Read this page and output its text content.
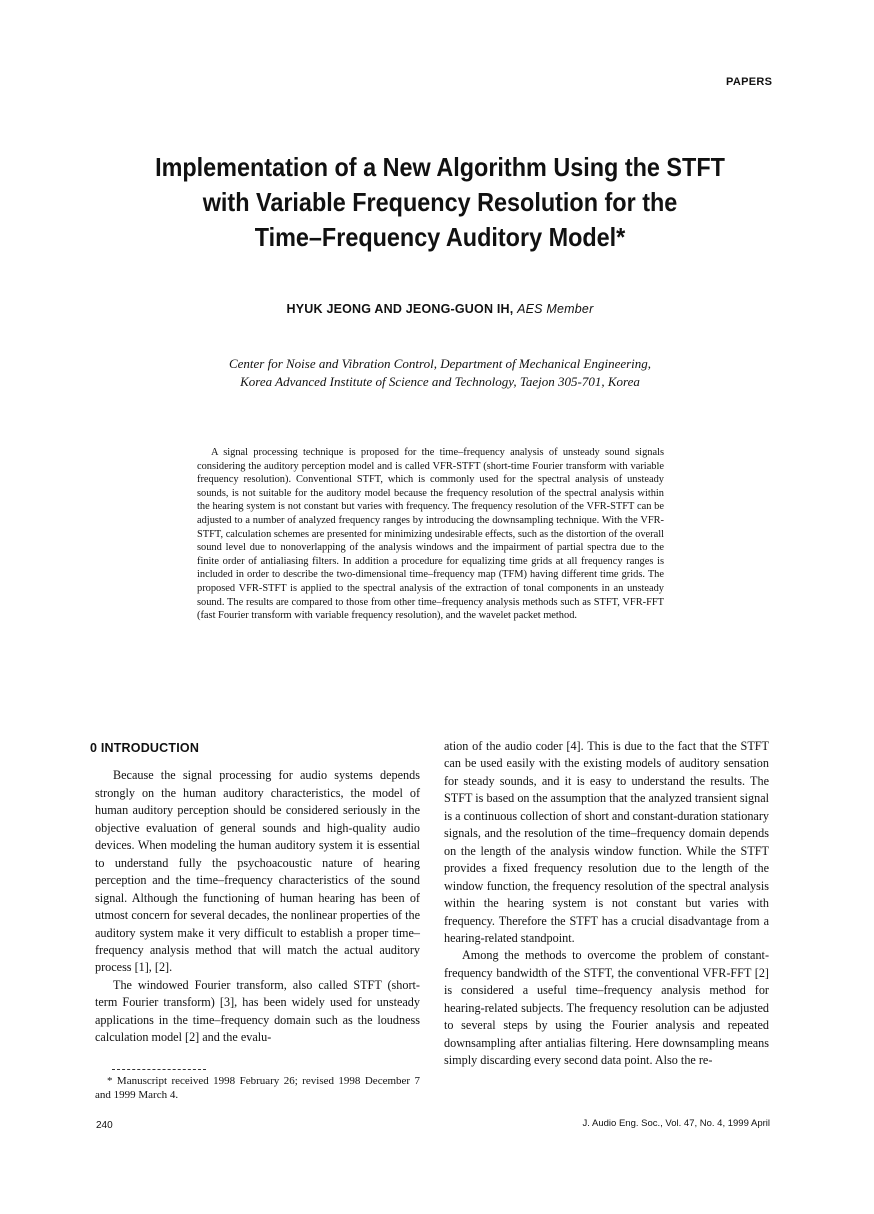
PAPERS
Implementation of a New Algorithm Using the STFT
with Variable Frequency Resolution for the
Time–Frequency Auditory Model*
HYUK JEONG AND JEONG-GUON IH, AES Member
Center for Noise and Vibration Control, Department of Mechanical Engineering,
Korea Advanced Institute of Science and Technology, Taejon 305-701, Korea
A signal processing technique is proposed for the time–frequency analysis of unsteady sound signals considering the auditory perception model and is called VFR-STFT (short-time Fourier transform with variable frequency resolution). Conventional STFT, which is commonly used for the spectral analysis of unsteady sounds, is not suitable for the auditory model because the frequency resolution of the spectral analysis within the hearing system is not constant but varies with frequency. The frequency resolution of the VFR-STFT can be adjusted to a number of analyzed frequency ranges by introducing the downsampling technique. With the VFR-STFT, calculation schemes are presented for minimizing undesirable effects, such as the distortion of the overall sound level due to nonoverlapping of the analysis windows and the impairment of partial spectra due to the finite order of antialiasing filters. In addition a procedure for equalizing time grids at all frequency ranges is included in order to describe the two-dimensional time–frequency map (TFM) having different time grids. The proposed VFR-STFT is applied to the spectral analysis of the extraction of tonal components in an unsteady sound. The results are compared to those from other time–frequency analysis methods such as STFT, VFR-FFT (fast Fourier transform with variable frequency resolution), and the wavelet packet method.
0 INTRODUCTION

Because the signal processing for audio systems depends strongly on the human auditory characteristics, the model of human auditory perception should be considered seriously in the objective evaluation of general sounds and high-quality audio devices. When modeling the human auditory system it is essential to understand fully the psychoacoustic nature of hearing perception and the time–frequency characteristics of the sound signal. Although the functioning of human hearing has been of utmost concern for several decades, the nonlinear properties of the auditory system make it very difficult to establish a proper time–frequency analysis method that will match the actual auditory process [1], [2].

The windowed Fourier transform, also called STFT (short-term Fourier transform) [3], has been widely used for unsteady applications in the time–frequency domain such as the loudness calculation model [2] and the evalu-

ation of the audio coder [4]. This is due to the fact that the STFT can be used easily with the existing models of auditory sensation for steady sounds, and it is easy to understand the results. The STFT is based on the assumption that the analyzed transient signal is a continuous collection of short and constant-duration stationary signals, and the resolution of the time–frequency domain depends on the length of the analysis window function. While the STFT provides a fixed frequency resolution due to the length of the window function, the frequency resolution of the spectral analysis within the hearing system is not constant but varies with frequency. Therefore the STFT has a crucial disadvantage from a hearing-related standpoint.

Among the methods to overcome the problem of constant-frequency bandwidth of the STFT, the conventional VFR-FFT [2] is considered a useful time–frequency analysis method for hearing-related subjects. The frequency resolution can be adjusted to several steps by using the Fourier analysis and repeated downsampling after antialias filtering. Here downsampling means simply discarding every second data point. Also the re-

* Manuscript received 1998 February 26; revised 1998 December 7 and 1999 March 4.
240	J. Audio Eng. Soc., Vol. 47, No. 4, 1999 April
